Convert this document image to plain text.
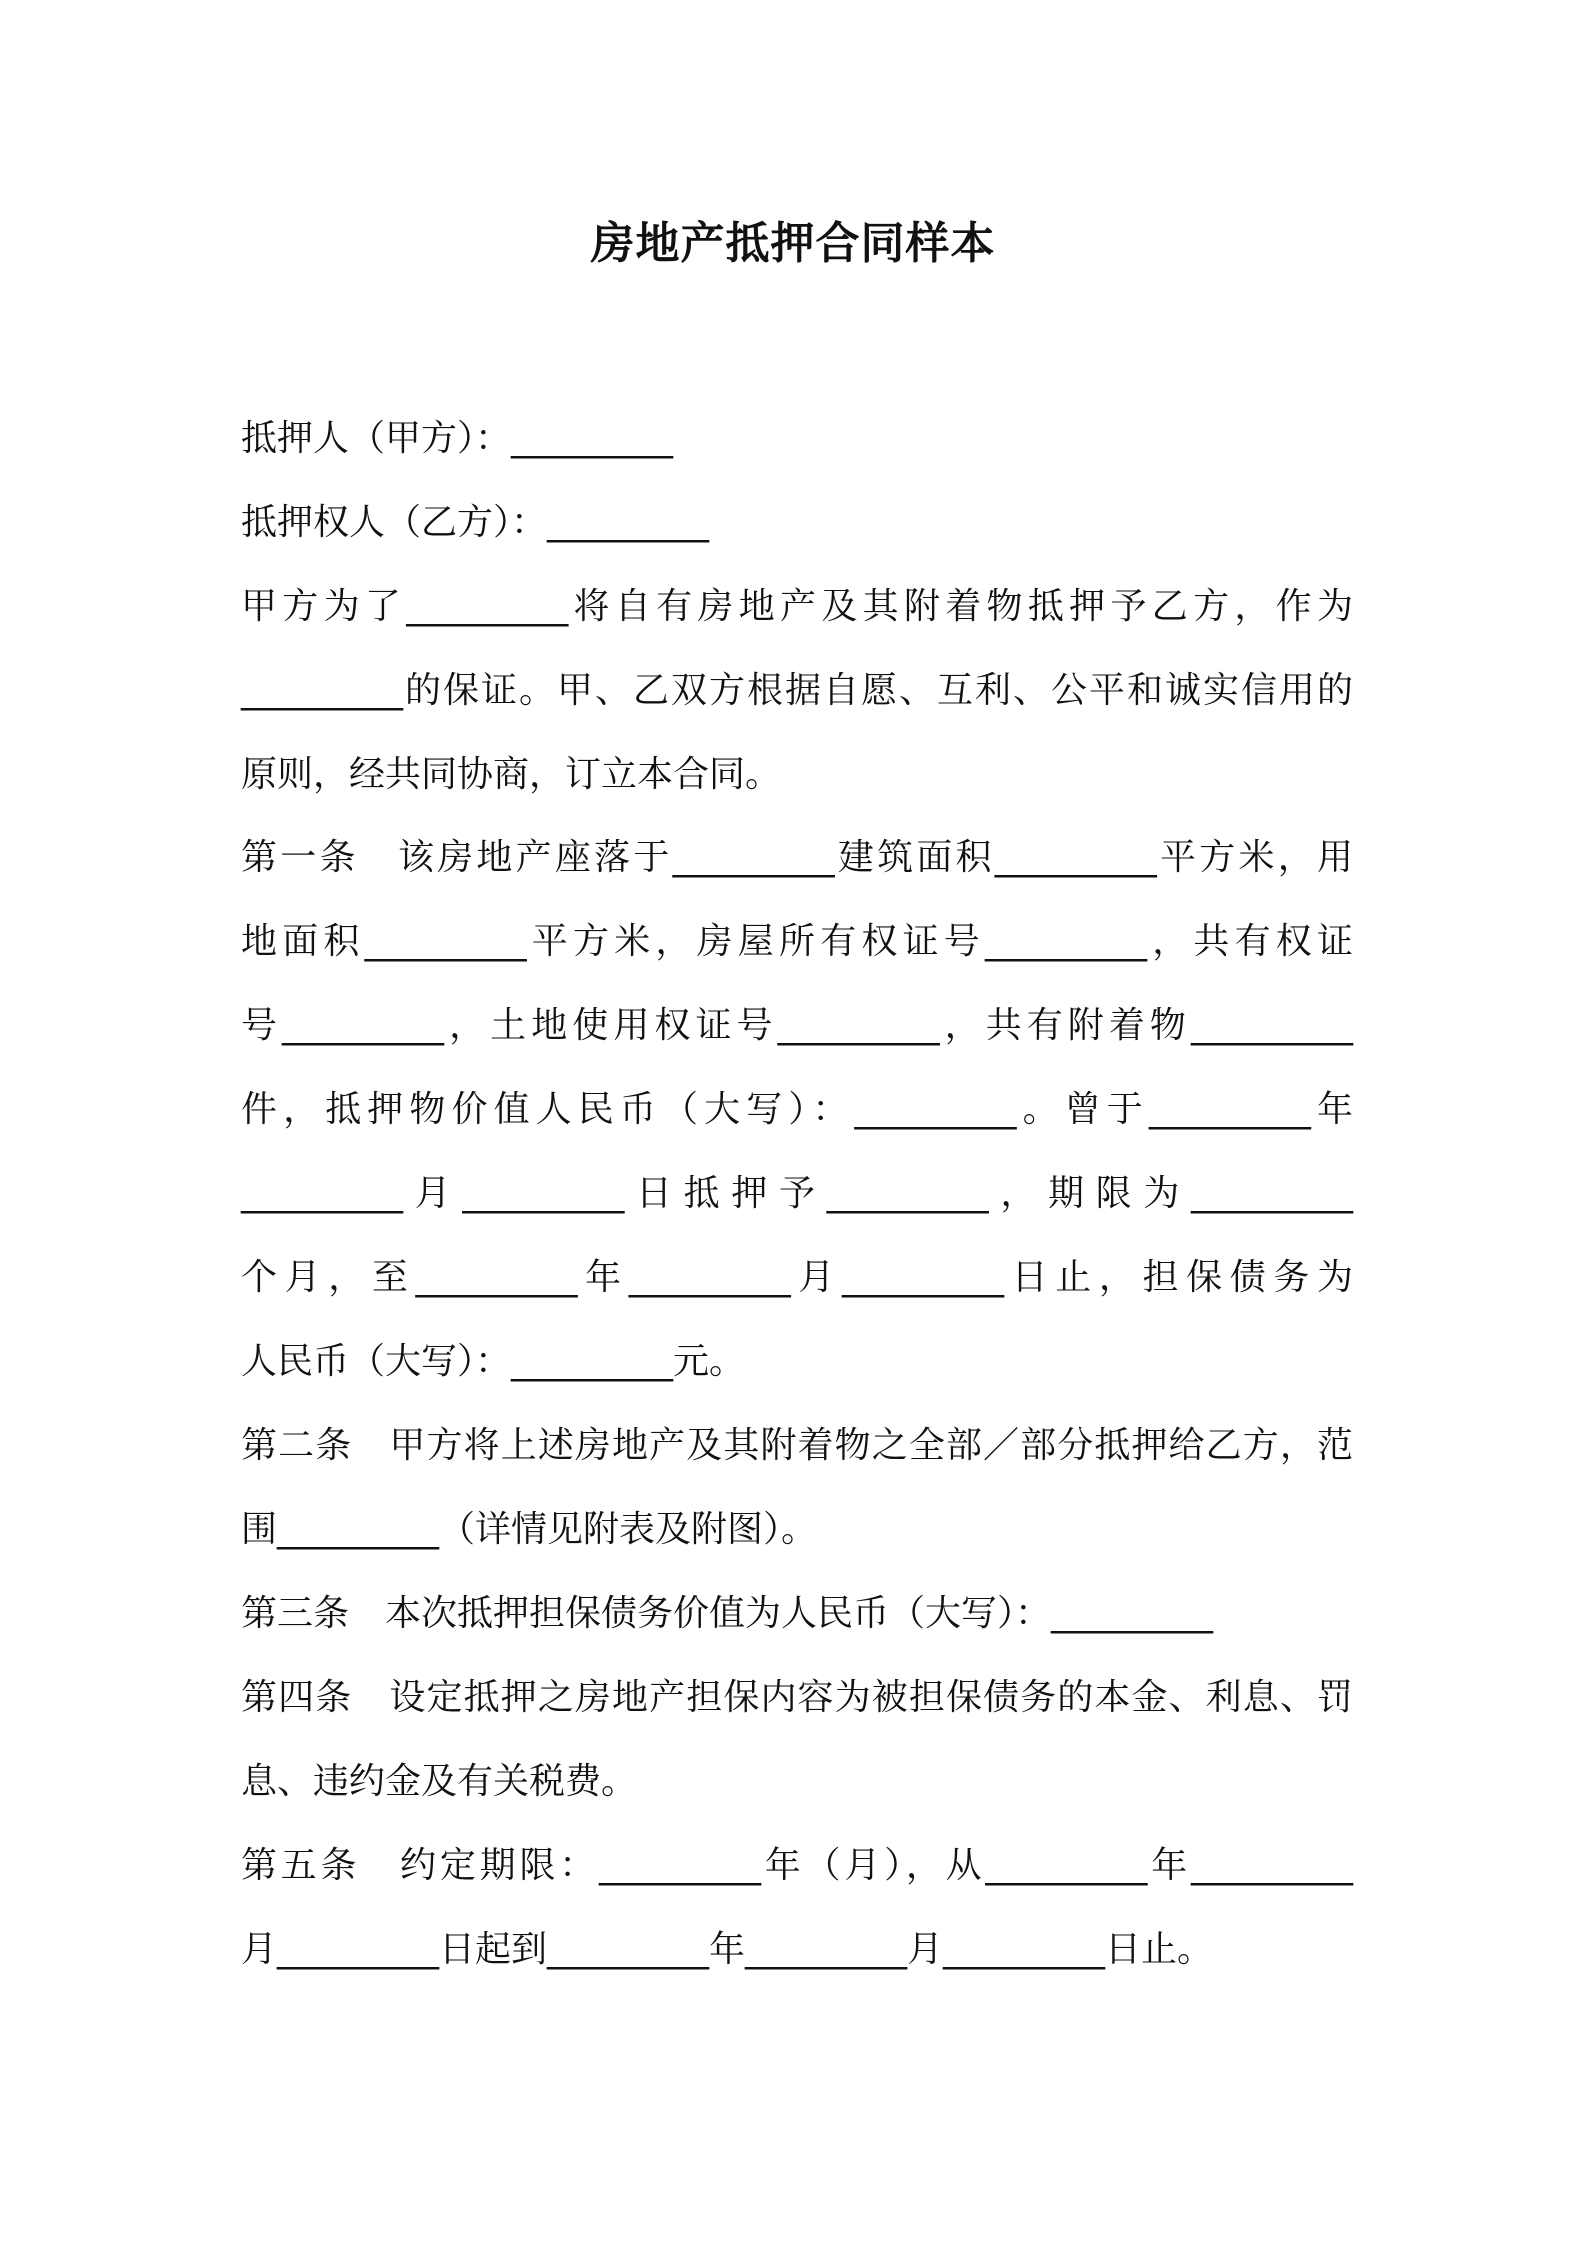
房地产抵押合同样本
抵押人（甲方）：_________
抵押权人（乙方）：_________
甲方为了_________将自有房地产及其附着物抵押予乙方，作为
_________的保证。甲、乙双方根据自愿、互利、公平和诚实信用的
原则，经共同协商，订立本合同。
第一条　该房地产座落于_________建筑面积_________平方米，用
地面积_________平方米，房屋所有权证号_________，共有权证
号_________，土地使用权证号_________，共有附着物_________
件，抵押物价值人民币（大写）：_________。曾于_________年
_________月_________日抵押予_________，期限为_________
个月，至_________年_________月_________日止，担保债务为
人民币（大写）：_________元。
第二条　甲方将上述房地产及其附着物之全部／部分抵押给乙方，范
围_________（详情见附表及附图）。
第三条　本次抵押担保债务价值为人民币（大写）：_________
第四条　设定抵押之房地产担保内容为被担保债务的本金、利息、罚
息、违约金及有关税费。
第五条　约定期限：_________年（月），从_________年_________
月_________日起到_________年_________月_________日止。
